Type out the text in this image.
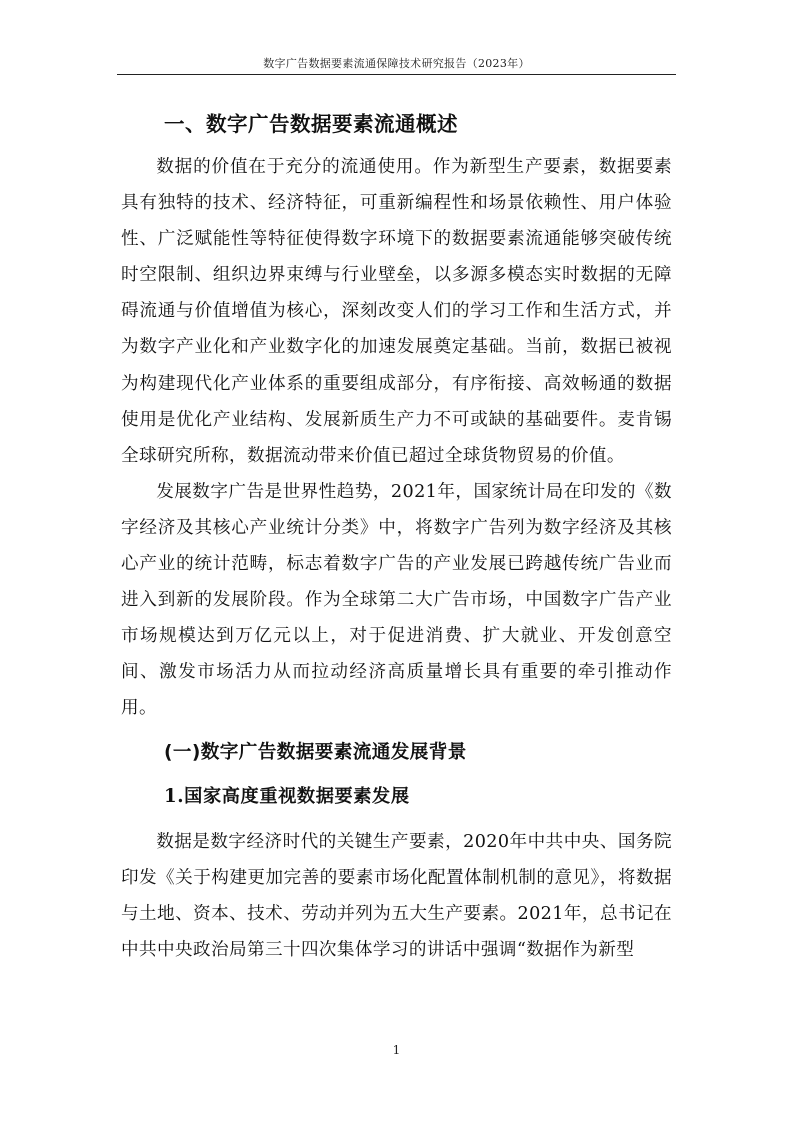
数字广告数据要素流通保障技术研究报告（2023年）
一、数字广告数据要素流通概述

数据的价值在于充分的流通使用。作为新型生产要素，数据要素具有独特的技术、经济特征，可重新编程性和场景依赖性、用户体验性、广泛赋能性等特征使得数字环境下的数据要素流通能够突破传统时空限制、组织边界束缚与行业壁垒，以多源多模态实时数据的无障碍流通与价值增值为核心，深刻改变人们的学习工作和生活方式，并为数字产业化和产业数字化的加速发展奠定基础。当前，数据已被视为构建现代化产业体系的重要组成部分，有序衔接、高效畅通的数据使用是优化产业结构、发展新质生产力不可或缺的基础要件。麦肯锡全球研究所称，数据流动带来价值已超过全球货物贸易的价值。

发展数字广告是世界性趋势，2021年，国家统计局在印发的《数字经济及其核心产业统计分类》中，将数字广告列为数字经济及其核心产业的统计范畴，标志着数字广告的产业发展已跨越传统广告业而进入到新的发展阶段。作为全球第二大广告市场，中国数字广告产业市场规模达到万亿元以上，对于促进消费、扩大就业、开发创意空间、激发市场活力从而拉动经济高质量增长具有重要的牵引推动作用。

(一)数字广告数据要素流通发展背景
1.国家高度重视数据要素发展

数据是数字经济时代的关键生产要素，2020年中共中央、国务院印发《关于构建更加完善的要素市场化配置体制机制的意见》，将数据与土地、资本、技术、劳动并列为五大生产要素。2021年，总书记在中共中央政治局第三十四次集体学习的讲话中强调“数据作为新型

1
